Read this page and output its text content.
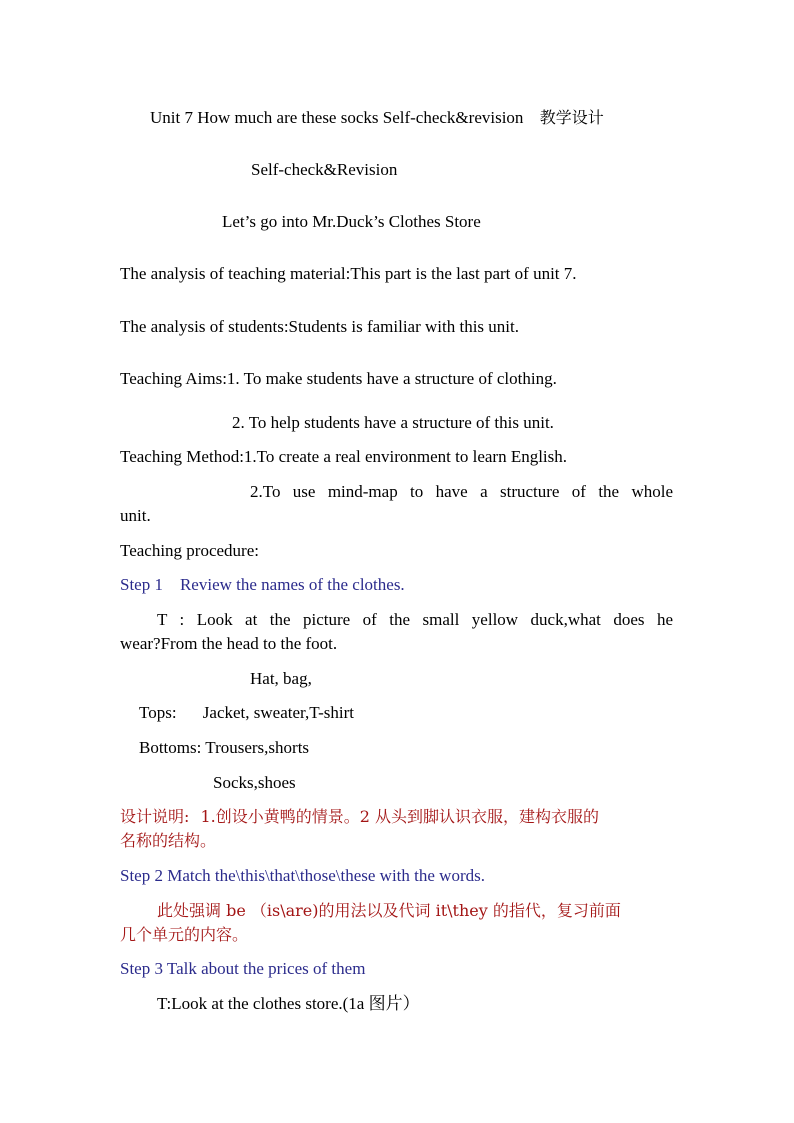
Unit 7 How much are these socks Self-check&revision 教学设计
Self-check&Revision
Let’s go into Mr.Duck’s Clothes Store
The analysis of teaching material:This part is the last part of unit 7.
The analysis of students:Students is familiar with this unit.
Teaching Aims:1. To make students have a structure of clothing.
2. To help students have a structure of this unit.
Teaching Method:1.To create a real environment to learn English.
2.To use mind-map to have a structure of the whole
unit.
Teaching procedure:
Step 1    Review the names of the clothes.
T : Look at the picture of the small yellow duck,what does he
wear?From the head to the foot.
Hat, bag,
Tops: Jacket, sweater,T-shirt
Bottoms: Trousers,shorts
Socks,shoes
设计说明: 1.创设小黄鸭的情景。2 从头到脚认识衣服，建构衣服的
名称的结构。
Step 2 Match the\this\that\those\these with the words.
此处强调 be （is\are)的用法以及代词 it\they 的指代，复习前面
几个单元的内容。
Step 3 Talk about the prices of them
T:Look at the clothes store.(1a 图片）
